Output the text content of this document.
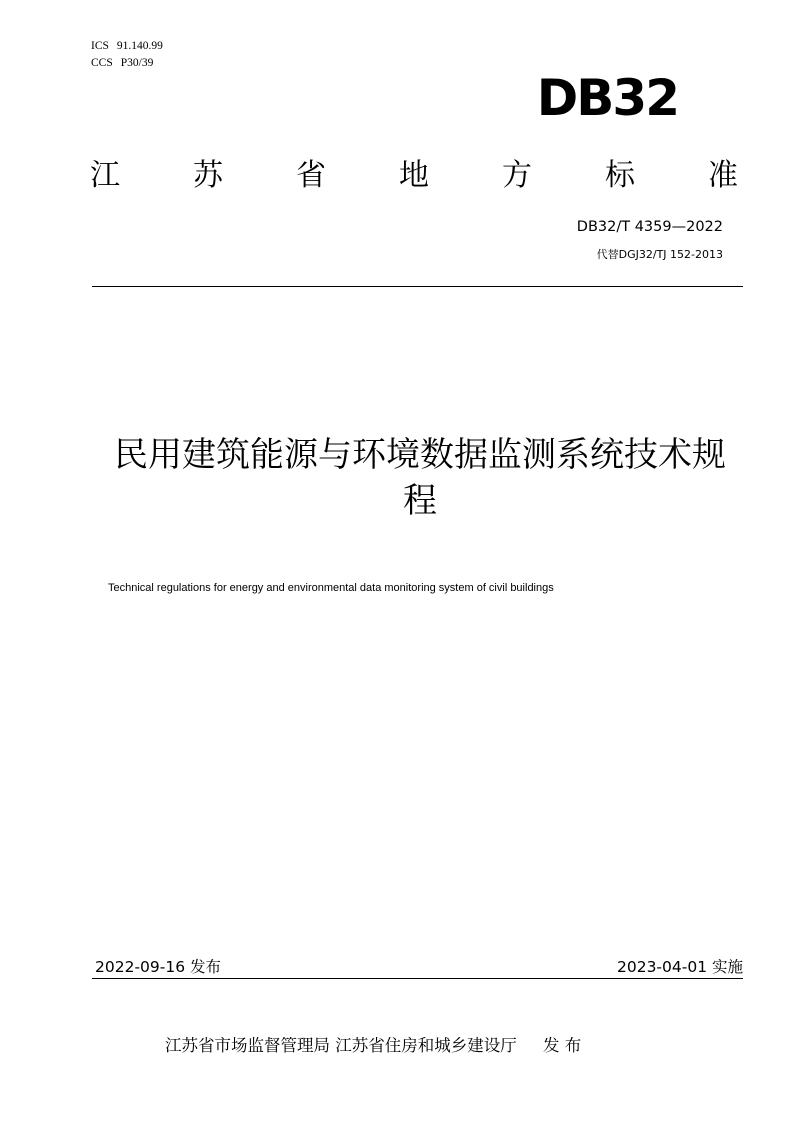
ICS 91.140.99
CCS P30/39
DB32
江 苏 省 地 方 标 准
DB32/T 4359—2022
代替DGJ32/TJ 152-2013
民用建筑能源与环境数据监测系统技术规程
Technical regulations for energy and environmental data monitoring system of civil buildings
2022-09-16 发布	2023-04-01 实施
江苏省市场监督管理局 江苏省住房和城乡建设厅     发 布
